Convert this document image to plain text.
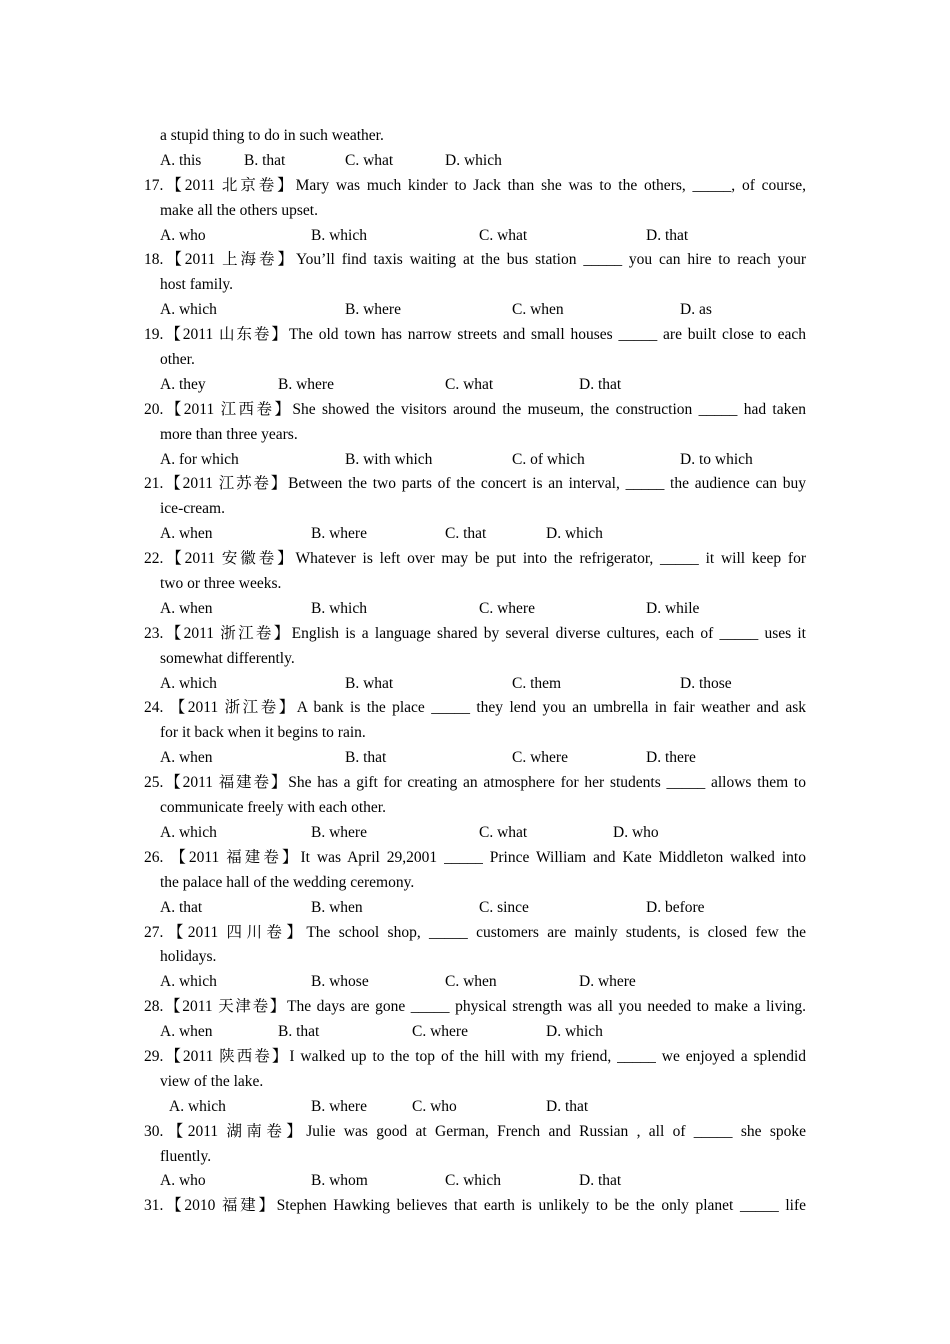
a stupid thing to do in such weather.
A. this	B. that	C. what	D. which
17.【2011 北京卷】Mary was much kinder to Jack than she was to the others, _____, of course,
make all the others upset.
A. who	B. which	C. what	D. that
18.【2011 上海卷】You’ll find taxis waiting at the bus station _____ you can hire to reach your
host family.
A. which	B. where	C. when	D. as
19.【2011 山东卷】The old town has narrow streets and small houses _____ are built close to each
other.
A. they	B. where	C. what	D. that
20.【2011 江西卷】She showed the visitors around the museum, the construction _____ had taken
more than three years.
A. for which	B. with which	C. of which	D. to which
21.【2011 江苏卷】Between the two parts of the concert is an interval, _____ the audience can buy
ice-cream.
A. when	B. where	C. that	D. which
22.【2011 安徽卷】Whatever is left over may be put into the refrigerator, _____ it will keep for
two or three weeks.
A. when	B. which	C. where	D. while
23.【2011 浙江卷】English is a language shared by several diverse cultures, each of _____ uses it
somewhat differently.
A. which	B. what	C. them	D. those
24. 【2011 浙江卷】A bank is the place _____ they lend you an umbrella in fair weather and ask
for it back when it begins to rain.
A. when	B. that	C. where	D. there
25.【2011 福建卷】She has a gift for creating an atmosphere for her students _____ allows them to
communicate freely with each other.
A. which	B. where	C. what	D. who
26. 【2011 福建卷】It was April 29,2001 _____ Prince William and Kate Middleton walked into
the palace hall of the wedding ceremony.
A. that	B. when	C. since	D. before
27.【2011 四川卷】The school shop, _____ customers are mainly students, is closed few the
holidays.
A. which	B. whose	C. when	D. where
28.【2011 天津卷】The days are gone _____ physical strength was all you needed to make a living.
A. when	B. that	C. where	D. which
29.【2011 陕西卷】I walked up to the top of the hill with my friend, _____ we enjoyed a splendid
view of the lake.
A. which	B. where	C. who	D. that
30.【2011 湖南卷】Julie was good at German, French and Russian , all of _____ she spoke
fluently.
A. who	B. whom	C. which	D. that
31.【2010 福建】Stephen Hawking believes that earth is unlikely to be the only planet _____ life
